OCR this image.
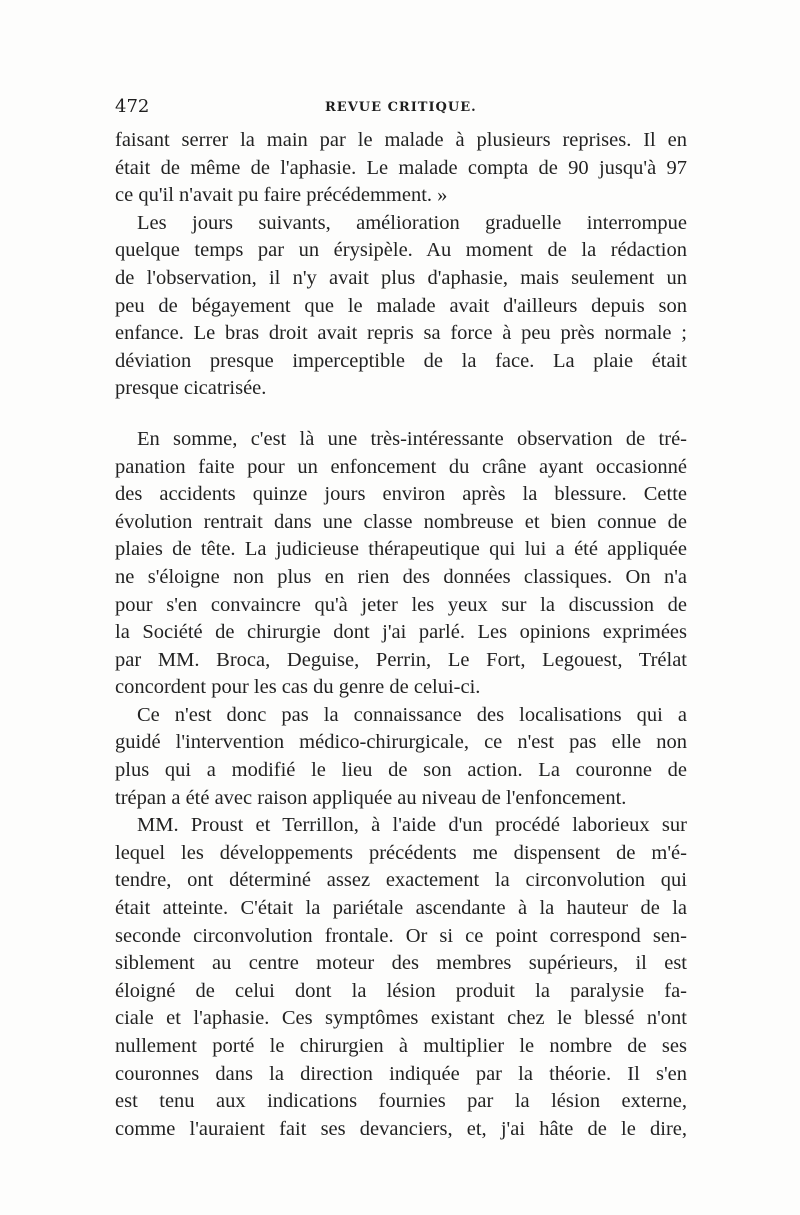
472	REVUE CRITIQUE.
faisant serrer la main par le malade à plusieurs reprises. Il en
était de même de l'aphasie. Le malade compta de 90 jusqu'à 97
ce qu'il n'avait pu faire précédemment. »
Les jours suivants, amélioration graduelle interrompue
quelque temps par un érysipèle. Au moment de la rédaction
de l'observation, il n'y avait plus d'aphasie, mais seulement un
peu de bégayement que le malade avait d'ailleurs depuis son
enfance. Le bras droit avait repris sa force à peu près normale ;
déviation presque imperceptible de la face. La plaie était
presque cicatrisée.
En somme, c'est là une très-intéressante observation de tré-
panation faite pour un enfoncement du crâne ayant occasionné
des accidents quinze jours environ après la blessure. Cette
évolution rentrait dans une classe nombreuse et bien connue de
plaies de tête. La judicieuse thérapeutique qui lui a été appliquée
ne s'éloigne non plus en rien des données classiques. On n'a
pour s'en convaincre qu'à jeter les yeux sur la discussion de
la Société de chirurgie dont j'ai parlé. Les opinions exprimées
par MM. Broca, Deguise, Perrin, Le Fort, Legouest, Trélat
concordent pour les cas du genre de celui-ci.
Ce n'est donc pas la connaissance des localisations qui a
guidé l'intervention médico-chirurgicale, ce n'est pas elle non
plus qui a modifié le lieu de son action. La couronne de
trépan a été avec raison appliquée au niveau de l'enfoncement.
MM. Proust et Terrillon, à l'aide d'un procédé laborieux sur
lequel les développements précédents me dispensent de m'é-
tendre, ont déterminé assez exactement la circonvolution qui
était atteinte. C'était la pariétale ascendante à la hauteur de la
seconde circonvolution frontale. Or si ce point correspond sen-
siblement au centre moteur des membres supérieurs, il est
éloigné de celui dont la lésion produit la paralysie fa-
ciale et l'aphasie. Ces symptômes existant chez le blessé n'ont
nullement porté le chirurgien à multiplier le nombre de ses
couronnes dans la direction indiquée par la théorie. Il s'en
est tenu aux indications fournies par la lésion externe,
comme l'auraient fait ses devanciers, et, j'ai hâte de le dire,
